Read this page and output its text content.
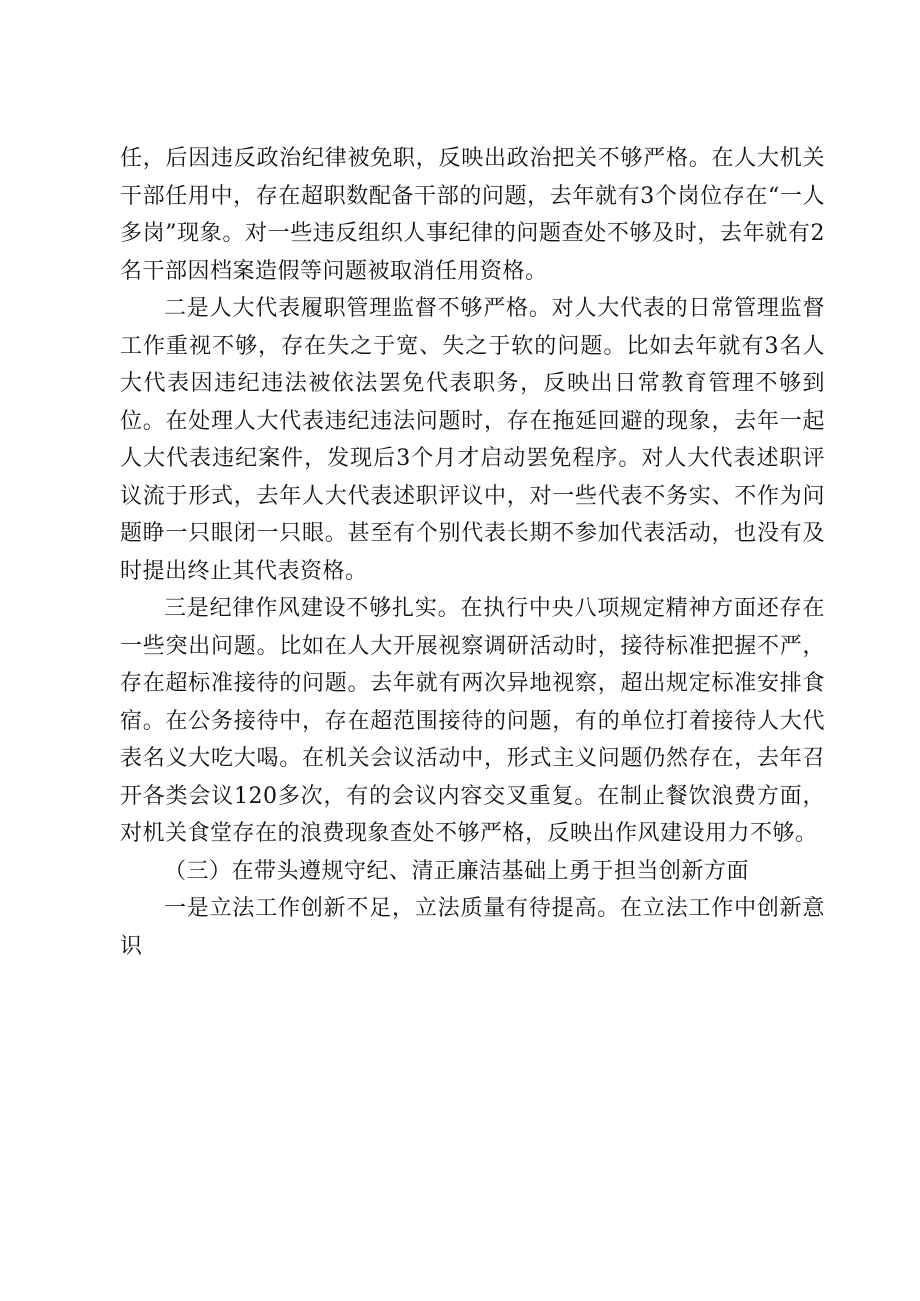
任，后因违反政治纪律被免职，反映出政治把关不够严格。在人大机关干部任用中，存在超职数配备干部的问题，去年就有3个岗位存在“一人多岗”现象。对一些违反组织人事纪律的问题查处不够及时，去年就有2名干部因档案造假等问题被取消任用资格。

二是人大代表履职管理监督不够严格。对人大代表的日常管理监督工作重视不够，存在失之于宽、失之于软的问题。比如去年就有3名人大代表因违纪违法被依法罢免代表职务，反映出日常教育管理不够到位。在处理人大代表违纪违法问题时，存在拖延回避的现象，去年一起人大代表违纪案件，发现后3个月才启动罢免程序。对人大代表述职评议流于形式，去年人大代表述职评议中，对一些代表不务实、不作为问题睁一只眼闭一只眼。甚至有个别代表长期不参加代表活动，也没有及时提出终止其代表资格。

三是纪律作风建设不够扎实。在执行中央八项规定精神方面还存在一些突出问题。比如在人大开展视察调研活动时，接待标准把握不严，存在超标准接待的问题。去年就有两次异地视察，超出规定标准安排食宿。在公务接待中，存在超范围接待的问题，有的单位打着接待人大代表名义大吃大喝。在机关会议活动中，形式主义问题仍然存在，去年召开各类会议120多次，有的会议内容交叉重复。在制止餐饮浪费方面，对机关食堂存在的浪费现象查处不够严格，反映出作风建设用力不够。

（三）在带头遵规守纪、清正廉洁基础上勇于担当创新方面

一是立法工作创新不足，立法质量有待提高。在立法工作中创新意识
